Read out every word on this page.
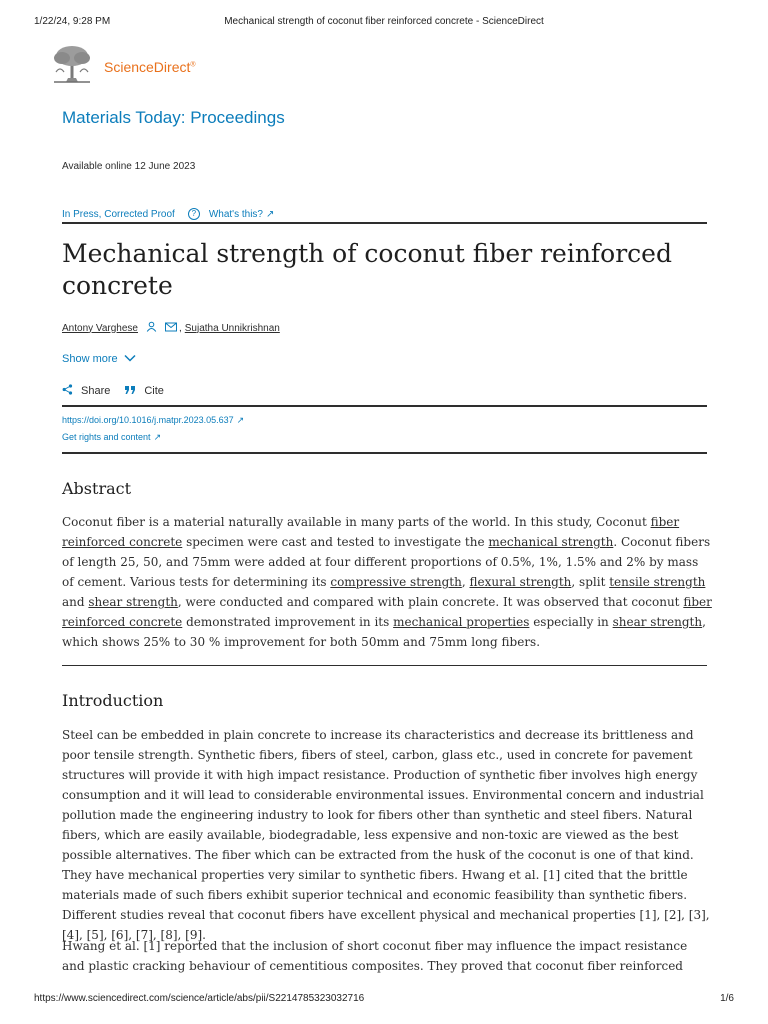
1/22/24, 9:28 PM	Mechanical strength of coconut fiber reinforced concrete - ScienceDirect
ScienceDirect®
Materials Today: Proceedings
Available online 12 June 2023
In Press, Corrected Proof	?	What's this? ↗
Mechanical strength of coconut fiber reinforced concrete
Antony Varghese	, Sujatha Unnikrishnan
Show more
Share	Cite
https://doi.org/10.1016/j.matpr.2023.05.637 ↗
Get rights and content ↗
Abstract
Coconut fiber is a material naturally available in many parts of the world. In this study, Coconut fiber reinforced concrete specimen were cast and tested to investigate the mechanical strength. Coconut fibers of length 25, 50, and 75mm were added at four different proportions of 0.5%, 1%, 1.5% and 2% by mass of cement. Various tests for determining its compressive strength, flexural strength, split tensile strength and shear strength, were conducted and compared with plain concrete. It was observed that coconut fiber reinforced concrete demonstrated improvement in its mechanical properties especially in shear strength, which shows 25% to 30 % improvement for both 50mm and 75mm long fibers.
Introduction
Steel can be embedded in plain concrete to increase its characteristics and decrease its brittleness and poor tensile strength. Synthetic fibers, fibers of steel, carbon, glass etc., used in concrete for pavement structures will provide it with high impact resistance. Production of synthetic fiber involves high energy consumption and it will lead to considerable environmental issues. Environmental concern and industrial pollution made the engineering industry to look for fibers other than synthetic and steel fibers. Natural fibers, which are easily available, biodegradable, less expensive and non-toxic are viewed as the best possible alternatives. The fiber which can be extracted from the husk of the coconut is one of that kind. They have mechanical properties very similar to synthetic fibers. Hwang et al. [1] cited that the brittle materials made of such fibers exhibit superior technical and economic feasibility than synthetic fibers. Different studies reveal that coconut fibers have excellent physical and mechanical properties [1], [2], [3], [4], [5], [6], [7], [8], [9].
Hwang et al. [1] reported that the inclusion of short coconut fiber may influence the impact resistance and plastic cracking behaviour of cementitious composites. They proved that coconut fiber reinforced
https://www.sciencedirect.com/science/article/abs/pii/S2214785323032716	1/6
